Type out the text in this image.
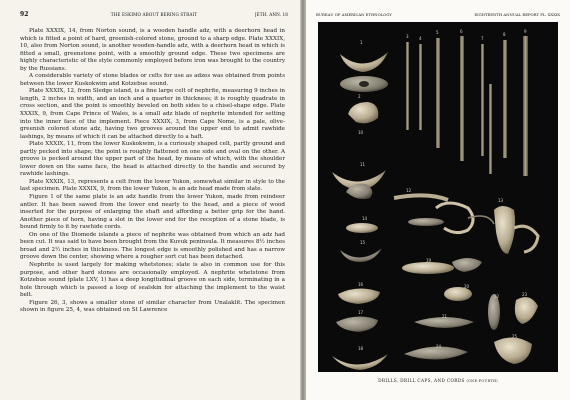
92	THE ESKIMO ABOUT BERING STRAIT	[ETH. ANN. 18

Plate XXXIX, 14, from Norton sound, is a wooden handle adz, with a deerhorn head in which is fitted a point of hard, greenish-colored stone, ground to a sharp edge. Plate XXXIX, 10, also from Norton sound, is another wooden-handle adz, with a deerhorn head in which is fitted a small, greenstone point, with a smoothly ground edge. These two specimens are highly characteristic of the style commonly employed before iron was brought to the country by the Russians.

A considerable variety of stone blades or celts for use as adzes was obtained from points between the lower Kuskokwim and Kotzebue sound.

Plate XXXIX, 12, from Sledge island, is a fine large celt of nephrite, measuring 9 inches in length, 2 inches in width, and an inch and a quarter in thickness; it is roughly quadrate in cross section, and the point is smoothly beveled on both sides to a chisel-shape edge. Plate XXXIX, 9, from Cape Prince of Wales, is a small adz blade of nephrite intended for setting into the inner face of the implement. Piece XXXIX, 3, from Cape Nome, is a pale, olive-greenish colored stone adz, having two grooves around the upper end to admit rawhide lashings, by means of which it can be attached directly to a haft.

Plate XXXIX, 11, from the lower Kuskokwim, is a curiously shaped celt, partly ground and partly pecked into shape; the point is roughly flattened on one side and oval on the other. A groove is pecked around the upper part of the head, by means of which, with the shoulder lower down on the same face, the head is attached directly to the handle and secured by rawhide lashings.

Plate XXXIX, 13, represents a celt from the lower Yukon, somewhat similar in style to the last specimen. Plate XXXIX, 9, from the lower Yukon, is an adz head made from slate.

Figure 1 of the same plate is an adz handle from the lower Yukon, made from reindeer antler. It has been sawed from the lower end nearly to the head, and a piece of wood inserted for the purpose of enlarging the shaft and affording a better grip for the hand. Another piece of horn, having a slot in the lower end for the reception of a stone blade, is bound firmly to it by rawhide cords.

On one of the Diomede islands a piece of nephrite was obtained from which an adz had been cut. It was said to have been brought from the Kuvuk peninsula. It measures 8½ inches broad and 2½ inches in thickness. The longest edge is smoothly polished and has a narrow groove down the center, showing where a rougher sort cut has been detached.

Nephrite is used largely for making whetstones; slate is also in common use for this purpose, and other hard stones are occasionally employed. A nephrite whetstone from Kotzebue sound (plate LXV, 1) has a deep longitudinal groove on each side, terminating in a hole through which is passed a loop of sealskin for attaching the implement to the waist belt.

Figure 26, 3, shows a smaller stone of similar character from Unalaklit. The specimen shown in figure 25, 4, was obtained on St Lawrence

BUREAU OF AMERICAN ETHNOLOGY	EIGHTEENTH ANNUAL REPORT PL. XXXIX
1
2
3	4
5	6
7
8
9
10
11
12
13
14
15
16
17
18
19
20
21
22	23
24
25
DRILLS, DRILL CAPS, AND CORDS (ONE-FOURTH)
